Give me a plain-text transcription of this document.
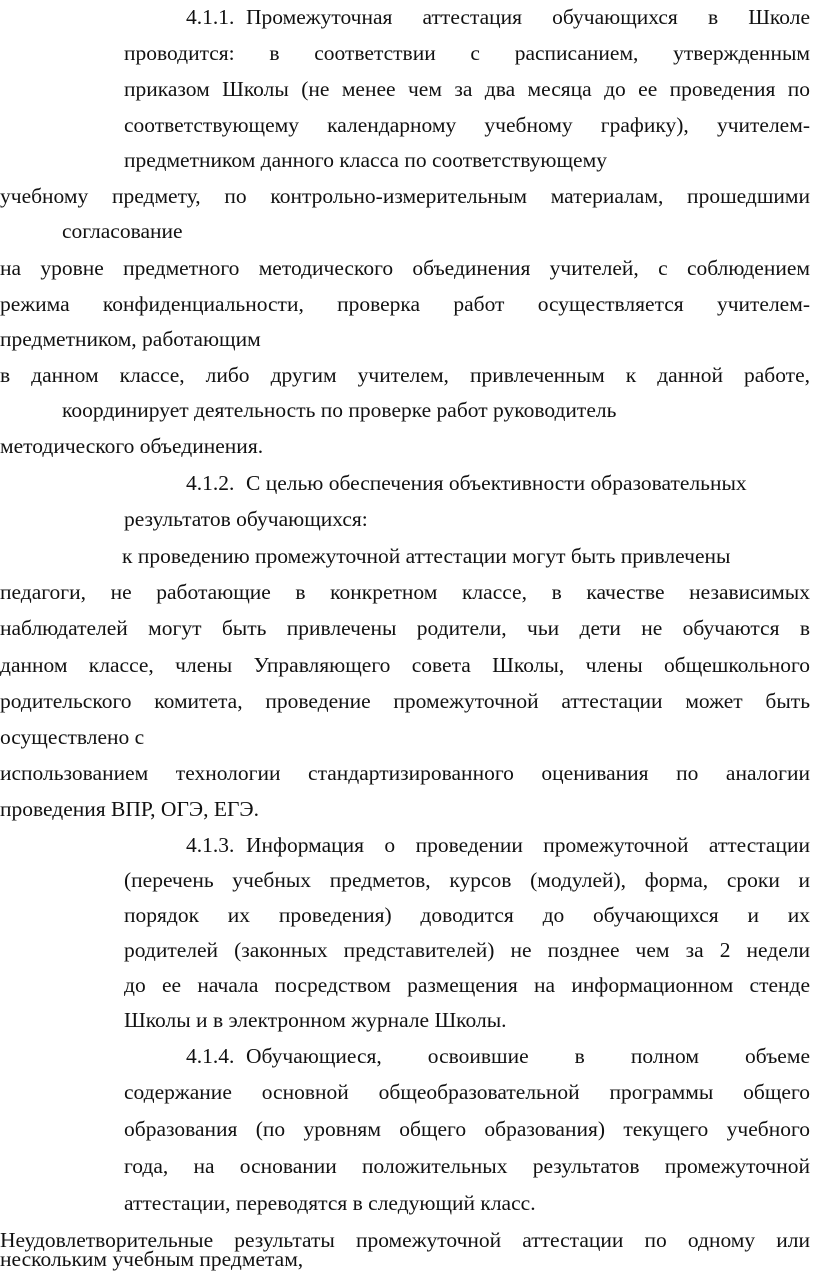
4.1.1. Промежуточная аттестация обучающихся в Школе
проводится: в соответствии с расписанием, утвержденным
приказом Школы (не менее чем за два месяца до ее проведения по
соответствующему календарному учебному графику), учителем-
предметником данного класса по соответствующему
учебному предмету, по контрольно-измерительным материалам, прошедшими
согласование
на уровне предметного методического объединения учителей, с соблюдением
режима конфиденциальности, проверка работ осуществляется учителем-
предметником, работающим
в данном классе, либо другим учителем, привлеченным к данной работе,
координирует деятельность по проверке работ руководитель
методического объединения.
4.1.2. С целью обеспечения объективности образовательных
результатов обучающихся:
к проведению промежуточной аттестации могут быть привлечены
педагоги, не работающие в конкретном классе, в качестве независимых
наблюдателей могут быть привлечены родители, чьи дети не обучаются в
данном классе, члены Управляющего совета Школы, члены общешкольного
родительского комитета, проведение промежуточной аттестации может быть
осуществлено с
использованием технологии стандартизированного оценивания по аналогии
проведения ВПР, ОГЭ, ЕГЭ.
4.1.3. Информация о проведении промежуточной аттестации
(перечень учебных предметов, курсов (модулей), форма, сроки и
порядок их проведения) доводится до обучающихся и их
родителей (законных представителей) не позднее чем за 2 недели
до ее начала посредством размещения на информационном стенде
Школы и в электронном журнале Школы.
4.1.4. Обучающиеся, освоившие в полном объеме
содержание основной общеобразовательной программы общего
образования (по уровням общего образования) текущего учебного
года, на основании положительных результатов промежуточной
аттестации, переводятся в следующий класс.
Неудовлетворительные результаты промежуточной аттестации по одному или
нескольким учебным предметам,
